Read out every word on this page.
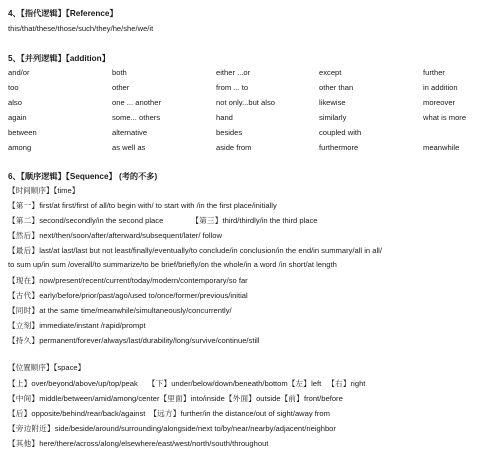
4、【指代逻辑】【Reference】
this/that/these/those/such/they/he/she/we/it
5、【并列逻辑】【addition】
and/or	both	either ...or	except	further
too	other	from ... to	other than	in addition
also	one ... another	not only...but also	likewise	moreover
again	some... others	hand	similarly	what is more
between	alternative	besides	coupled with
among	as well as	aside from	furthermore	meanwhile
6、【顺序逻辑】【Sequence】 (考的不多)
【时间顺序】【time】
【第一】first/at first/first of all/to begin with/ to start with /in the first place/initially
【第二】second/secondly/in the second place	【第三】third/thirdly/in the third place
【然后】next/then/soon/after/afterward/subsequent/later/ follow
【最后】last/at last/last but not least/finally/eventually/to conclude/in conclusion/in the end/in summary/all in all/
to sum up/in sum /overall/to summarize/to be brief/briefly/on the whole/in a word /in short/at length
【现在】now/present/recent/current/today/modern/contemporary/so far
【古代】early/before/prior/past/ago/used to/once/former/previous/initial
【同时】at the same time/meanwhile/simultaneously/concurrently/
【立刻】immediate/instant /rapid/prompt
【持久】permanent/forever/always/last/durability/long/survive/continue/still
【位置顺序】【space】
【上】over/beyond/above/up/top/peak 【下】under/below/down/beneath/bottom【左】left 【右】right
【中间】middle/between/amid/among/center【里面】into/inside【外面】outside【前】front/before
【后】opposite/behind/rear/back/against 【远方】further/in the distance/out of sight/away from
【旁边附近】side/beside/around/surrounding/alongside/next to/by/near/nearby/adjacent/neighbor
【其他】here/there/across/along/elsewhere/east/west/north/south/throughout
